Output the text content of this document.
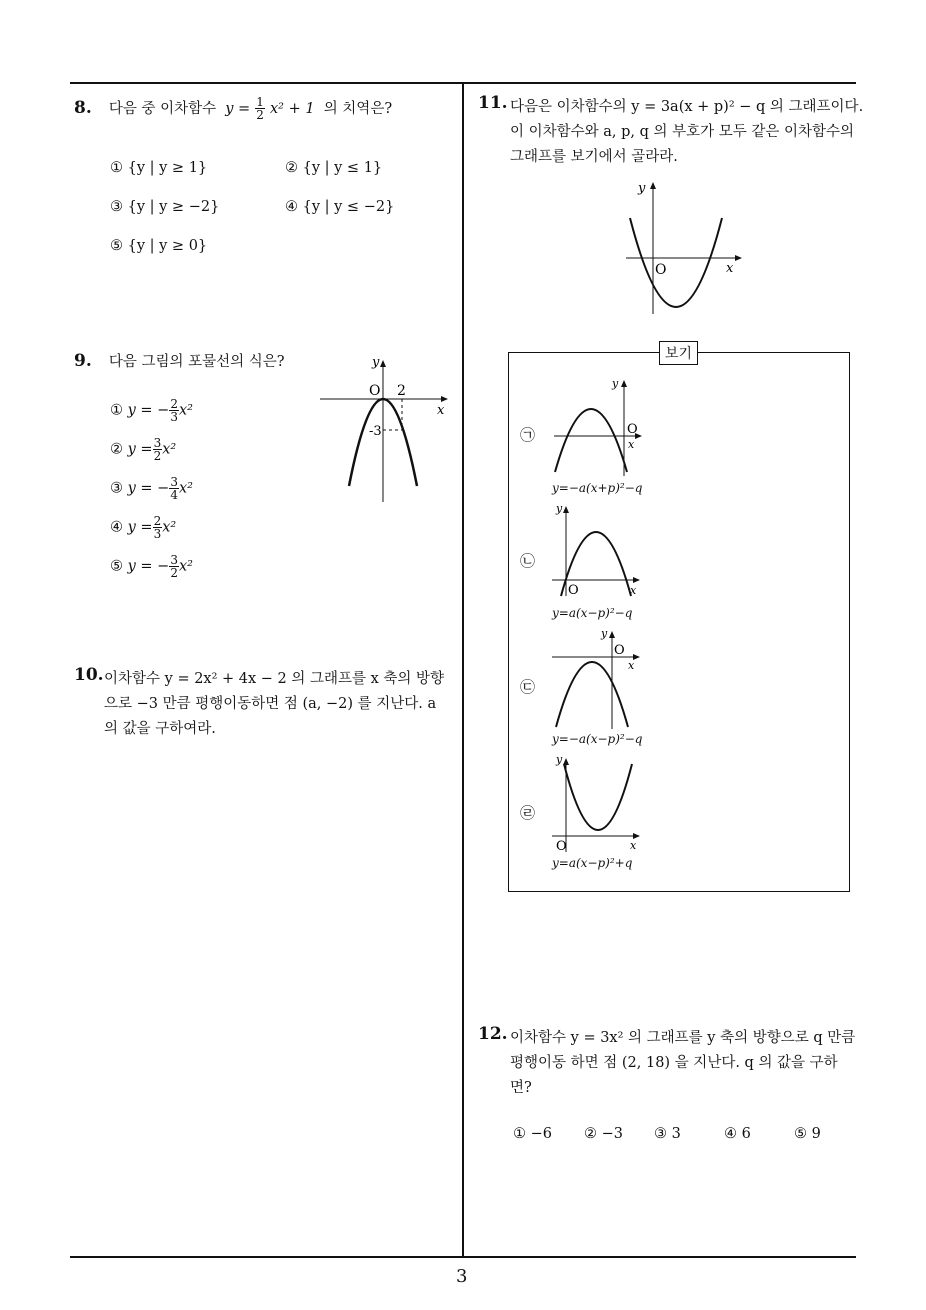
3
8. 다음 중 이차함수 $y = \frac{1}{2} x^2 + 1$ 의 치역은?
① {y | y ≥ 1}	② {y | y ≤ 1}
③ {y | y ≥ −2}	④ {y | y ≤ −2}
⑤ {y | y ≥ 0}
9. 다음 그림의 포물선의 식은?
① y = − $\frac{2}{3} x^2$
② $y = \frac{3}{2} x^2$
③ y = − $\frac{3}{4} x^2$
④ $y = \frac{2}{3} x^2$
⑤ y = − $\frac{3}{2} x^2$
y
x
O 2
-3
10. 이차함수 y = 2x² + 4x − 2 의 그래프를 x 축의 방향
으로 −3 만큼 평행이동하면 점 (a, −2) 를 지난다. a
의 값을 구하여라.
11. 다음은 이차함수의 y = 3a(x + p)² − q 의 그래프이다.
이 이차함수와 a, p, q 의 부호가 모두 같은 이차함수의
그래프를 보기에서 골라라.
y
x
O
보기
㉠
y
O
x
y=−a(x+p)²−q
㉡
y
O	x
y=a(x−p)²−q
㉢
y
O
x
y=−a(x−p)²−q
㉣
y
O	x
y=a(x−p)²+q
12. 이차함수 y = 3x² 의 그래프를 y 축의 방향으로 q 만큼
평행이동 하면 점 (2, 18) 을 지난다. q 의 값을 구하
면?
① −6 ② −3 ③ 3	④ 6	⑤ 9
